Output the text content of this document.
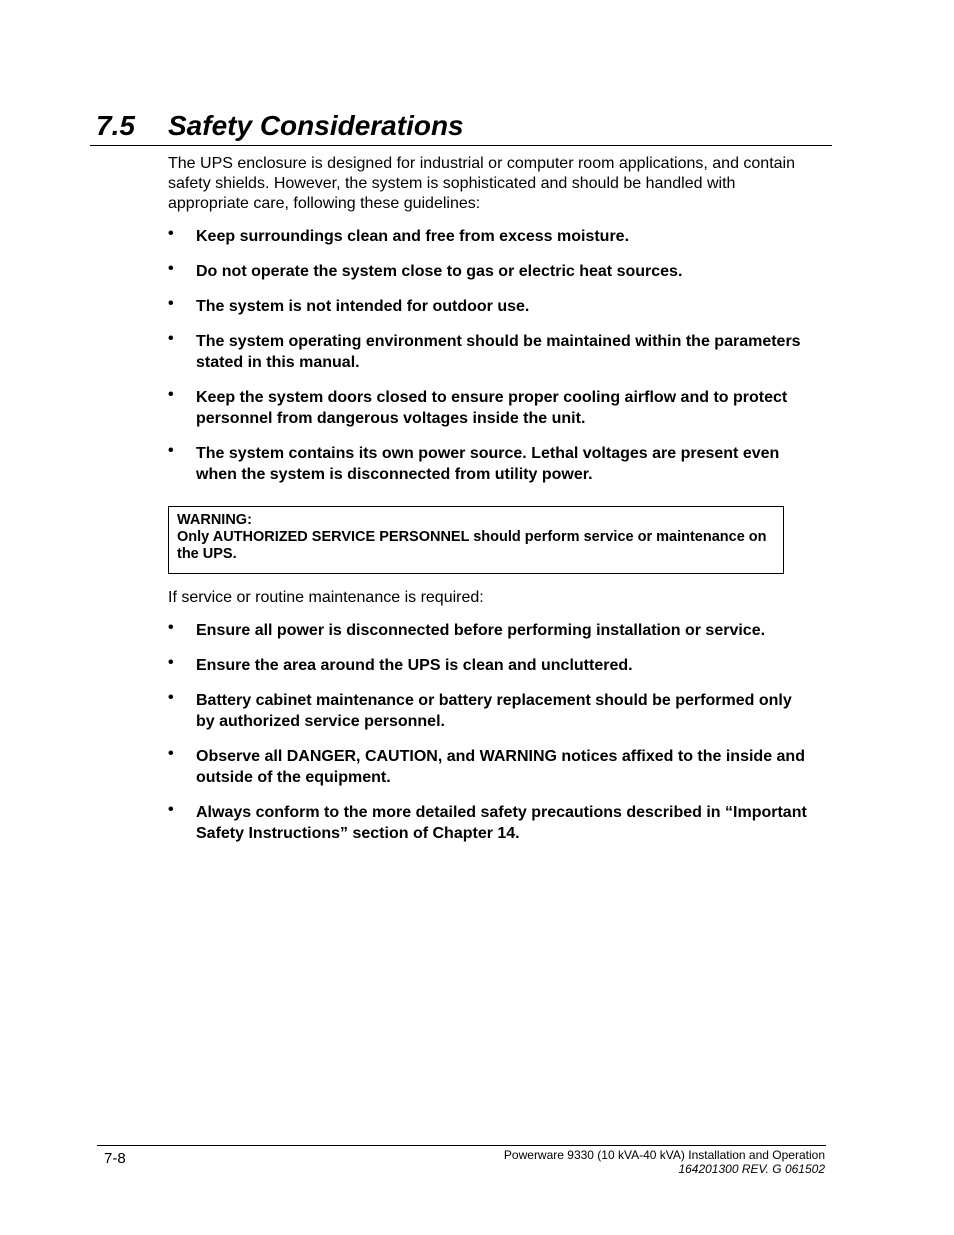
7.5 Safety Considerations

The UPS enclosure is designed for industrial or computer room applications, and contain safety shields. However, the system is sophisticated and should be handled with appropriate care, following these guidelines:

• Keep surroundings clean and free from excess moisture.
• Do not operate the system close to gas or electric heat sources.
• The system is not intended for outdoor use.
• The system operating environment should be maintained within the parameters stated in this manual.
• Keep the system doors closed to ensure proper cooling airflow and to protect personnel from dangerous voltages inside the unit.
• The system contains its own power source. Lethal voltages are present even when the system is disconnected from utility power.
WARNING:
Only AUTHORIZED SERVICE PERSONNEL should perform service or maintenance on the UPS.

If service or routine maintenance is required:

• Ensure all power is disconnected before performing installation or service.
• Ensure the area around the UPS is clean and uncluttered.
• Battery cabinet maintenance or battery replacement should be performed only by authorized service personnel.
• Observe all DANGER, CAUTION, and WARNING notices affixed to the inside and outside of the equipment.
• Always conform to the more detailed safety precautions described in “Important Safety Instructions” section of Chapter 14.
7-8	Powerware 9330 (10 kVA-40 kVA) Installation and Operation
164201300 REV. G 061502
